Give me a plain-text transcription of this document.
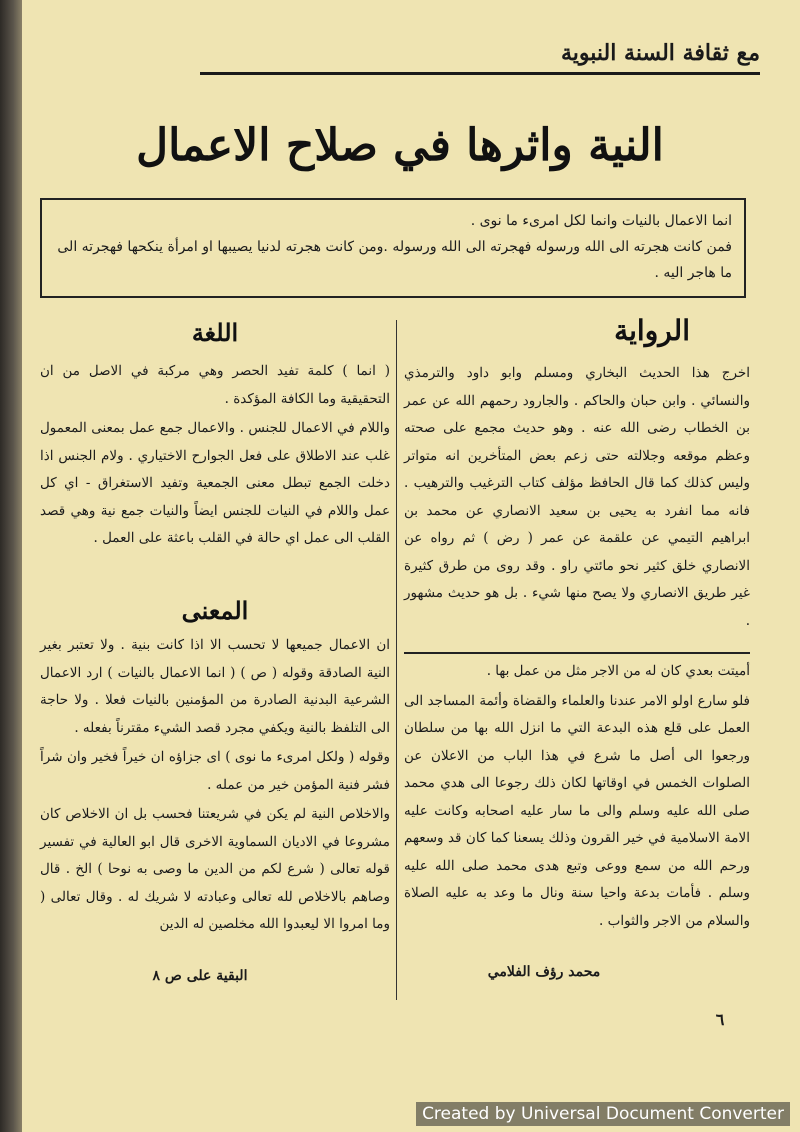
مع ثقافة السنة النبوية
النية واثرها في صلاح الاعمال
انما الاعمال بالنيات وانما لكل امرىء ما نوى .
فمن كانت هجرته الى الله ورسوله فهجرته الى الله ورسوله .ومن كانت هجرته لدنيا يصيبها او امرأة ينكحها فهجرته الى ما هاجر اليه .
الرواية

اخرج هذا الحديث البخاري ومسلم وابو داود والترمذي والنسائي . وابن حبان والحاكم . والجارود رحمهم الله عن عمر بن الخطاب رضى الله عنه . وهو حديث مجمع على صحته وعظم موقعه وجلالته حتى زعم بعض المتأخرين انه متواتر وليس كذلك كما قال الحافظ مؤلف كتاب الترغيب والترهيب . فانه مما انفرد به يحيى بن سعيد الانصاري عن محمد بن ابراهيم التيمي عن علقمة عن عمر ( رض ) ثم رواه عن الانصاري خلق كثير نحو مائتي راو . وقد روى من طرق كثيرة غير طريق الانصاري ولا يصح منها شيء . بل هو حديث مشهور .

أميتت بعدي كان له من الاجر مثل من عمل بها .

فلو سارع اولو الامر عندنا والعلماء والقضاة وأئمة المساجد الى العمل على قلع هذه البدعة التي ما انزل الله بها من سلطان ورجعوا الى أصل ما شرع في هذا الباب من الاعلان عن الصلوات الخمس في اوقاتها لكان ذلك رجوعا الى هدي محمد صلى الله عليه وسلم والى ما سار عليه اصحابه وكانت عليه الامة الاسلامية في خير القرون وذلك يسعنا كما كان قد وسعهم ورحم الله من سمع ووعى وتبع هدى محمد صلى الله عليه وسلم . فأمات بدعة واحيا سنة ونال ما وعد به عليه الصلاة والسلام من الاجر والثواب .

محمد رؤف الفلامي
اللغة

( انما ) كلمة تفيد الحصر وهي مركبة في الاصل من ان التحقيقية وما الكافة المؤكدة .

واللام في الاعمال للجنس . والاعمال جمع عمل بمعنى المعمول غلب عند الاطلاق على فعل الجوارح الاختياري . ولام الجنس اذا دخلت الجمع تبطل معنى الجمعية وتفيد الاستغراق - اي كل عمل واللام في النيات للجنس ايضاً والنيات جمع نية وهي قصد القلب الى عمل اي حالة في القلب باعثة على العمل .

المعنى

ان الاعمال جميعها لا تحسب الا اذا كانت بنية . ولا تعتبر بغير النية الصادقة وقوله ( ص ) ( انما الاعمال بالنيات ) ارد الاعمال الشرعية البدنية الصادرة من المؤمنين بالنيات فعلا . ولا حاجة الى التلفظ بالنية ويكفي مجرد قصد الشيء مقترناً بفعله .

وقوله ( ولكل امرىء ما نوى ) اى جزاؤه ان خيراً فخير وان شراً فشر فنية المؤمن خير من عمله .

والاخلاص النية لم يكن في شريعتنا فحسب بل ان الاخلاص كان مشروعا في الاديان السماوية الاخرى قال ابو العالية في تفسير قوله تعالى ( شرع لكم من الدين ما وصى به نوحا ) الخ . قال وصاهم بالاخلاص لله تعالى وعبادته لا شريك له . وقال تعالى ( وما امروا الا ليعبدوا الله مخلصين له الدين

البقية على ص ٨
٦
Created by Universal Document Converter
